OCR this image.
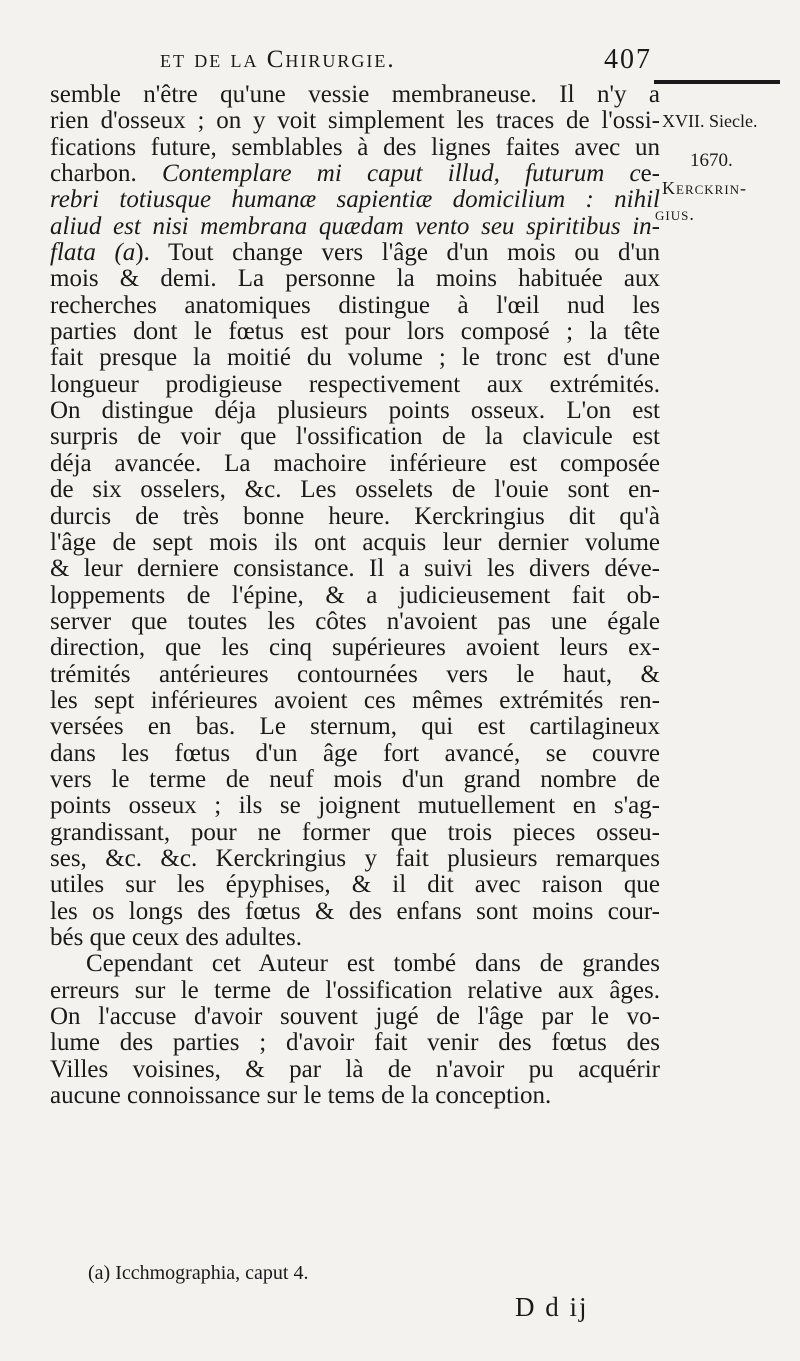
et de la Chirurgie.	407
XVII. Siecle.
1670.
Kerckrin-
gius.
semble n'être qu'une vessie membraneuse. Il n'y a
rien d'osseux ; on y voit simplement les traces de l'ossi-
fications future, semblables à des lignes faites avec un
charbon. Contemplare mi caput illud, futurum ce-
rebri totiusque humanæ sapientiæ domicilium : nihil
aliud est nisi membrana quædam vento seu spiritibus in-
flata (a). Tout change vers l'âge d'un mois ou d'un
mois & demi. La personne la moins habituée aux
recherches anatomiques distingue à l'œil nud les
parties dont le fœtus est pour lors composé ; la tête
fait presque la moitié du volume ; le tronc est d'une
longueur prodigieuse respectivement aux extrémités.
On distingue déja plusieurs points osseux. L'on est
surpris de voir que l'ossification de la clavicule est
déja avancée. La machoire inférieure est composée
de six osselers, &c. Les osselets de l'ouie sont en-
durcis de très bonne heure. Kerckringius dit qu'à
l'âge de sept mois ils ont acquis leur dernier volume
& leur derniere consistance. Il a suivi les divers déve-
loppements de l'épine, & a judicieusement fait ob-
server que toutes les côtes n'avoient pas une égale
direction, que les cinq supérieures avoient leurs ex-
trémités antérieures contournées vers le haut, &
les sept inférieures avoient ces mêmes extrémités ren-
versées en bas. Le sternum, qui est cartilagineux
dans les fœtus d'un âge fort avancé, se couvre
vers le terme de neuf mois d'un grand nombre de
points osseux ; ils se joignent mutuellement en s'ag-
grandissant, pour ne former que trois pieces osseu-
ses, &c. &c. Kerckringius y fait plusieurs remarques
utiles sur les épyphises, & il dit avec raison que
les os longs des fœtus & des enfans sont moins cour-
bés que ceux des adultes.
Cependant cet Auteur est tombé dans de grandes
erreurs sur le terme de l'ossification relative aux âges.
On l'accuse d'avoir souvent jugé de l'âge par le vo-
lume des parties ; d'avoir fait venir des fœtus des
Villes voisines, & par là de n'avoir pu acquérir
aucune connoissance sur le tems de la conception.
(a) Icchmographia, caput 4.
D d ij
